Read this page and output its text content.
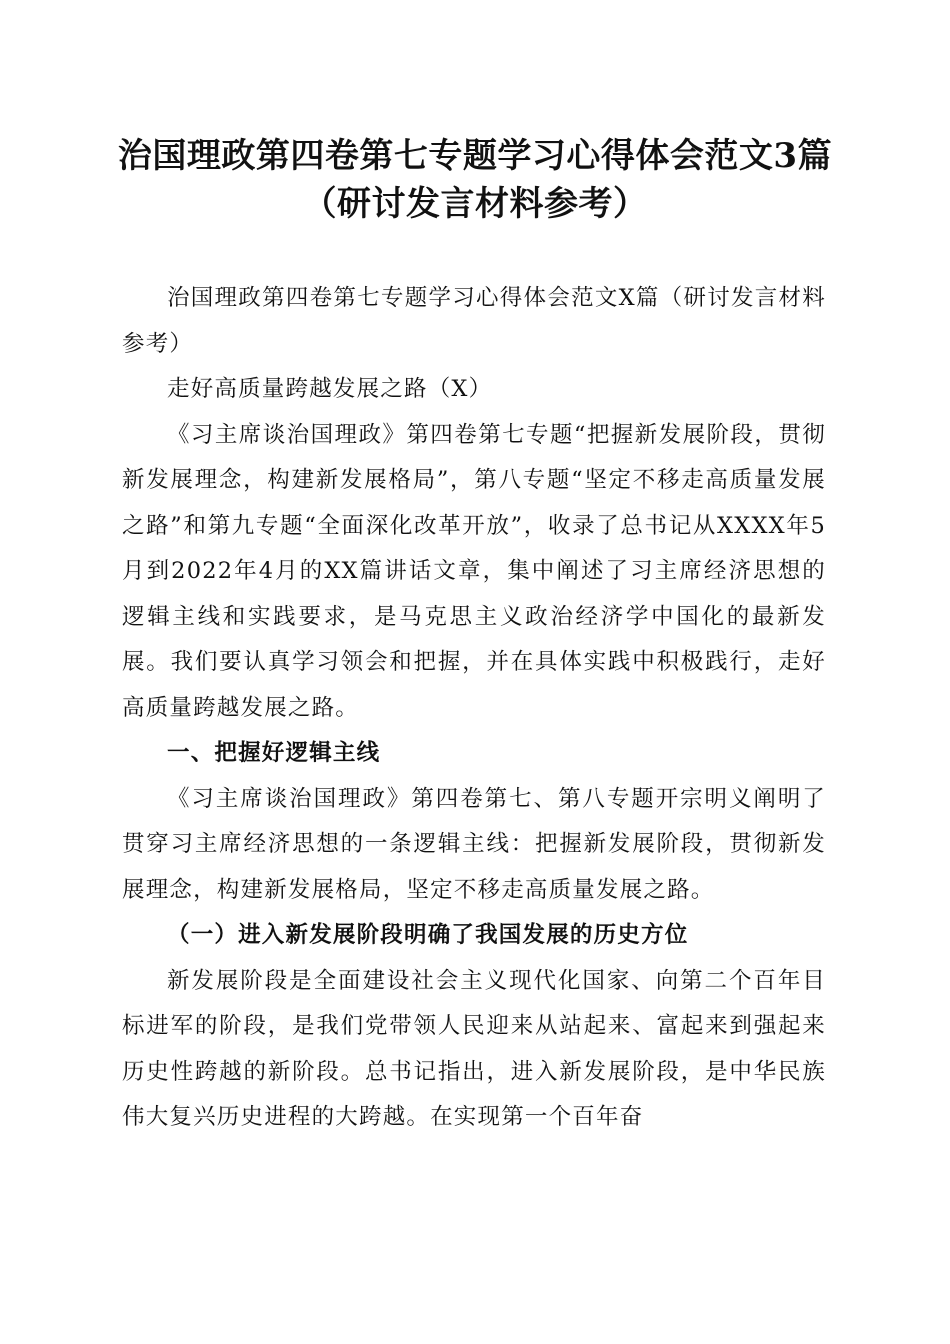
治国理政第四卷第七专题学习心得体会范文3篇（研讨发言材料参考）

治国理政第四卷第七专题学习心得体会范文X篇（研讨发言材料参考）

走好高质量跨越发展之路（X）

《习主席谈治国理政》第四卷第七专题“把握新发展阶段，贯彻新发展理念，构建新发展格局”，第八专题“坚定不移走高质量发展之路”和第九专题“全面深化改革开放”，收录了总书记从XXXX年5月到2022年4月的XX篇讲话文章，集中阐述了习主席经济思想的逻辑主线和实践要求，是马克思主义政治经济学中国化的最新发展。我们要认真学习领会和把握，并在具体实践中积极践行，走好高质量跨越发展之路。

一、把握好逻辑主线

《习主席谈治国理政》第四卷第七、第八专题开宗明义阐明了贯穿习主席经济思想的一条逻辑主线：把握新发展阶段，贯彻新发展理念，构建新发展格局，坚定不移走高质量发展之路。

（一）进入新发展阶段明确了我国发展的历史方位

新发展阶段是全面建设社会主义现代化国家、向第二个百年目标进军的阶段，是我们党带领人民迎来从站起来、富起来到强起来历史性跨越的新阶段。总书记指出，进入新发展阶段，是中华民族伟大复兴历史进程的大跨越。在实现第一个百年奋
